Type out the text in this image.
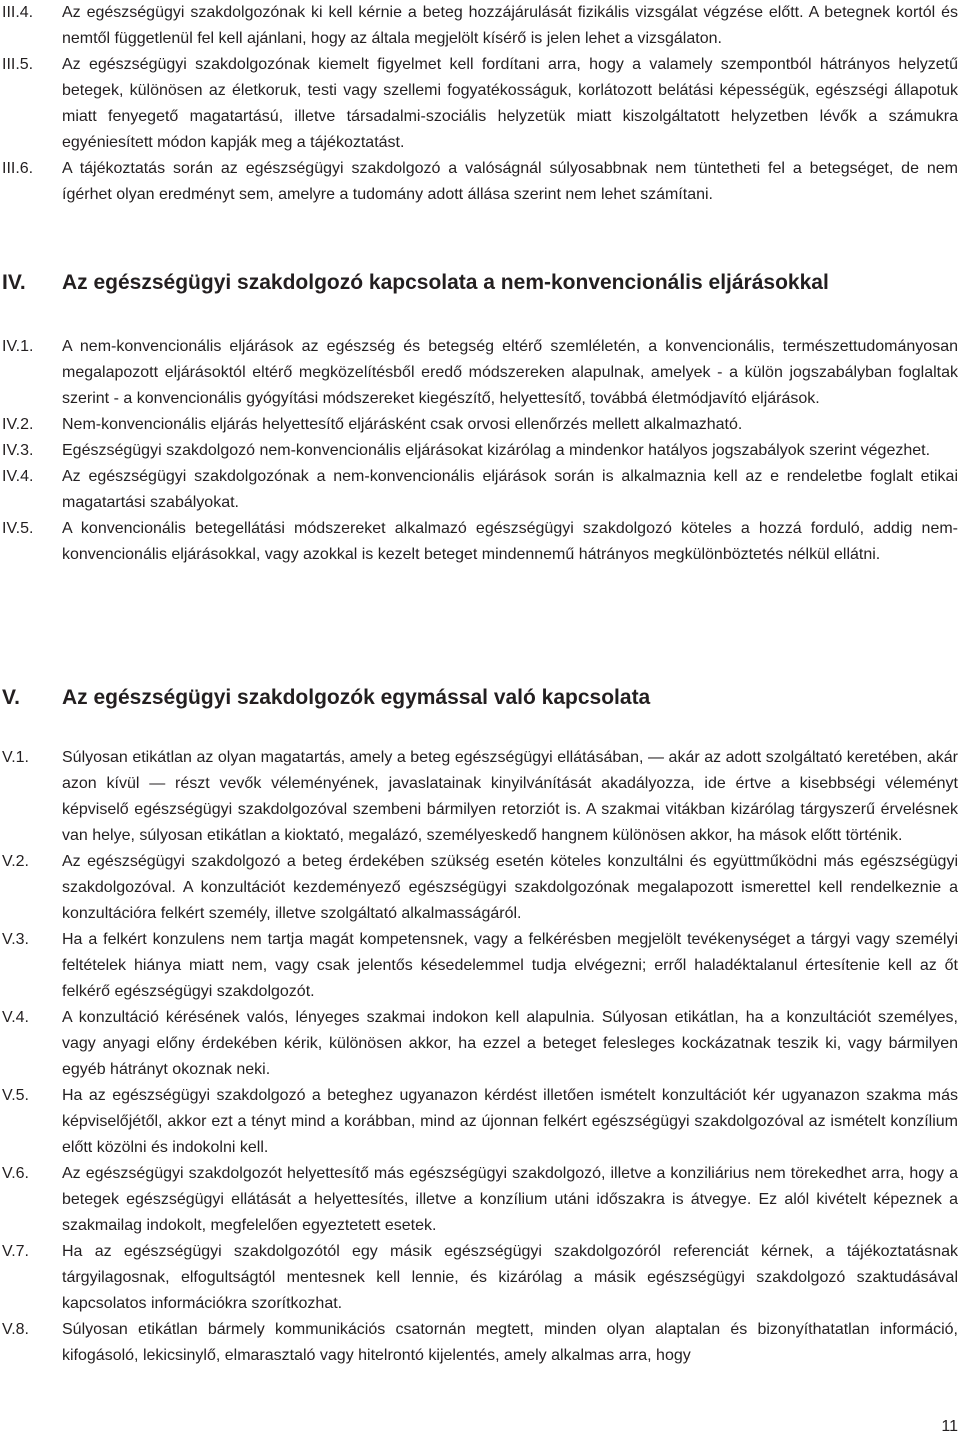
III.4.	Az egészségügyi szakdolgozónak ki kell kérnie a beteg hozzájárulását fizikális vizsgálat végzése előtt. A betegnek kortól és nemtől függetlenül fel kell ajánlani, hogy az általa megjelölt kísérő is jelen lehet a vizsgálaton.
III.5.	Az egészségügyi szakdolgozónak kiemelt figyelmet kell fordítani arra, hogy a valamely szempontból hátrányos helyzetű betegek, különösen az életkoruk, testi vagy szellemi fogyatékosságuk, korlátozott belátási képességük, egészségi állapotuk miatt fenyegető magatartású, illetve társadalmi-szociális helyzetük miatt kiszolgáltatott helyzetben lévők a számukra egyéniesített módon kapják meg a tájékoztatást.
III.6.	A tájékoztatás során az egészségügyi szakdolgozó a valóságnál súlyosabbnak nem tüntetheti fel a betegséget, de nem ígérhet olyan eredményt sem, amelyre a tudomány adott állása szerint nem lehet számítani.
IV.	Az egészségügyi szakdolgozó kapcsolata a nem-konvencionális eljárásokkal
IV.1.	A nem-konvencionális eljárások az egészség és betegség eltérő szemléletén, a konvencionális, természettudományosan megalapozott eljárásoktól eltérő megközelítésből eredő módszereken alapulnak, amelyek - a külön jogszabályban foglaltak szerint - a konvencionális gyógyítási módszereket kiegészítő, helyettesítő, továbbá életmódjavító eljárások.
IV.2.	Nem-konvencionális eljárás helyettesítő eljárásként csak orvosi ellenőrzés mellett alkalmazható.
IV.3.	Egészségügyi szakdolgozó nem-konvencionális eljárásokat kizárólag a mindenkor hatályos jogszabályok szerint végezhet.
IV.4.	Az egészségügyi szakdolgozónak a nem-konvencionális eljárások során is alkalmaznia kell az e rendeletbe foglalt etikai magatartási szabályokat.
IV.5.	A konvencionális betegellátási módszereket alkalmazó egészségügyi szakdolgozó köteles a hozzá forduló, addig nem-konvencionális eljárásokkal, vagy azokkal is kezelt beteget mindennemű hátrányos megkülönböztetés nélkül ellátni.
V.	Az egészségügyi szakdolgozók egymással való kapcsolata
V.1.	Súlyosan etikátlan az olyan magatartás, amely a beteg egészségügyi ellátásában, — akár az adott szolgáltató keretében, akár azon kívül — részt vevők véleményének, javaslatainak kinyilvánítását akadályozza, ide értve a kisebbségi véleményt képviselő egészségügyi szakdolgozóval szembeni bármilyen retorziót is. A szakmai vitákban kizárólag tárgyszerű érvelésnek van helye, súlyosan etikátlan a kioktató, megalázó, személyeskedő hangnem különösen akkor, ha mások előtt történik.
V.2.	Az egészségügyi szakdolgozó a beteg érdekében szükség esetén köteles konzultálni és együttműködni más egészségügyi szakdolgozóval. A konzultációt kezdeményező egészségügyi szakdolgozónak megalapozott ismerettel kell rendelkeznie a konzultációra felkért személy, illetve szolgáltató alkalmasságáról.
V.3.	Ha a felkért konzulens nem tartja magát kompetensnek, vagy a felkérésben megjelölt tevékenységet a tárgyi vagy személyi feltételek hiánya miatt nem, vagy csak jelentős késedelemmel tudja elvégezni; erről haladéktalanul értesítenie kell az őt felkérő egészségügyi szakdolgozót.
V.4.	A konzultáció kérésének valós, lényeges szakmai indokon kell alapulnia. Súlyosan etikátlan, ha a konzultációt személyes, vagy anyagi előny érdekében kérik, különösen akkor, ha ezzel a beteget felesleges kockázatnak teszik ki, vagy bármilyen egyéb hátrányt okoznak neki.
V.5.	Ha az egészségügyi szakdolgozó a beteghez ugyanazon kérdést illetően ismételt konzultációt kér ugyanazon szakma más képviselőjétől, akkor ezt a tényt mind a korábban, mind az újonnan felkért egészségügyi szakdolgozóval az ismételt konzílium előtt közölni és indokolni kell.
V.6.	Az egészségügyi szakdolgozót helyettesítő más egészségügyi szakdolgozó, illetve a konziliárius nem törekedhet arra, hogy a betegek egészségügyi ellátását a helyettesítés, illetve a konzílium utáni időszakra is átvegye. Ez alól kivételt képeznek a szakmailag indokolt, megfelelően egyeztetett esetek.
V.7.	Ha az egészségügyi szakdolgozótól egy másik egészségügyi szakdolgozóról referenciát kérnek, a tájékoztatásnak tárgyilagosnak, elfogultságtól mentesnek kell lennie, és kizárólag a másik egészségügyi szakdolgozó szaktudásával kapcsolatos információkra szorítkozhat.
V.8.	Súlyosan etikátlan bármely kommunikációs csatornán megtett, minden olyan alaptalan és bizonyíthatatlan információ, kifogásoló, lekicsinylő, elmarasztaló vagy hitelrontó kijelentés, amely alkalmas arra, hogy
11
